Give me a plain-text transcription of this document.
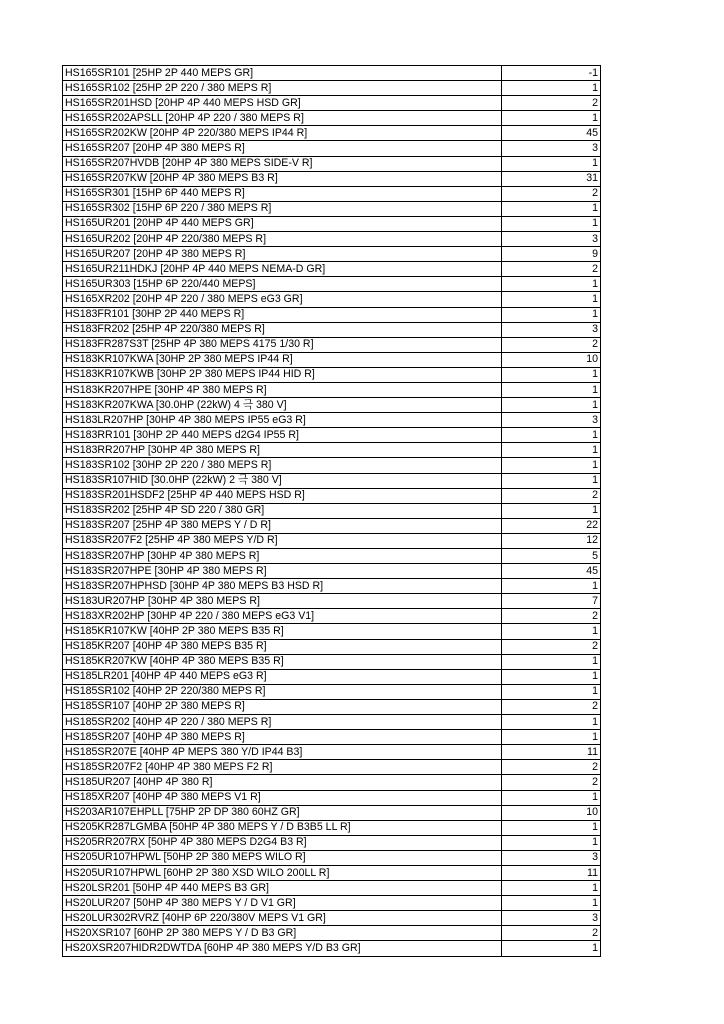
HS165SR101 [25HP 2P 440 MEPS GR]	-1
HS165SR102 [25HP 2P 220 / 380 MEPS R]	1
HS165SR201HSD [20HP 4P 440 MEPS HSD GR]	2
HS165SR202APSLL [20HP 4P 220 / 380 MEPS R]	1
HS165SR202KW [20HP 4P 220/380 MEPS IP44 R]	45
HS165SR207 [20HP 4P 380 MEPS R]	3
HS165SR207HVDB [20HP 4P 380 MEPS SIDE-V R]	1
HS165SR207KW [20HP 4P 380 MEPS B3 R]	31
HS165SR301 [15HP 6P 440 MEPS R]	2
HS165SR302 [15HP 6P 220 / 380 MEPS R]	1
HS165UR201 [20HP 4P 440 MEPS GR]	1
HS165UR202 [20HP 4P 220/380 MEPS R]	3
HS165UR207 [20HP 4P 380 MEPS R]	9
HS165UR211HDKJ [20HP 4P 440 MEPS NEMA-D GR]	2
HS165UR303 [15HP 6P 220/440 MEPS]	1
HS165XR202 [20HP 4P 220 / 380 MEPS eG3 GR]	1
HS183FR101 [30HP 2P 440 MEPS R]	1
HS183FR202 [25HP 4P 220/380 MEPS R]	3
HS183FR287S3T [25HP 4P 380 MEPS 4175 1/30 R]	2
HS183KR107KWA [30HP 2P 380 MEPS IP44 R]	10
HS183KR107KWB [30HP 2P 380 MEPS IP44 HID R]	1
HS183KR207HPE [30HP 4P 380 MEPS R]	1
HS183KR207KWA [30.0HP (22kW) 4 극 380 V]	1
HS183LR207HP [30HP 4P 380 MEPS IP55 eG3 R]	3
HS183RR101 [30HP 2P 440 MEPS d2G4 IP55 R]	1
HS183RR207HP [30HP 4P 380 MEPS R]	1
HS183SR102 [30HP 2P 220 / 380 MEPS R]	1
HS183SR107HID [30.0HP (22kW) 2 극 380 V]	1
HS183SR201HSDF2 [25HP 4P 440 MEPS HSD R]	2
HS183SR202 [25HP 4P SD 220 / 380 GR]	1
HS183SR207 [25HP 4P 380 MEPS Y / D R]	22
HS183SR207F2 [25HP 4P 380 MEPS Y/D R]	12
HS183SR207HP [30HP 4P 380 MEPS R]	5
HS183SR207HPE [30HP 4P 380 MEPS R]	45
HS183SR207HPHSD [30HP 4P 380 MEPS B3 HSD R]	1
HS183UR207HP [30HP 4P 380 MEPS R]	7
HS183XR202HP [30HP 4P 220 / 380 MEPS eG3 V1]	2
HS185KR107KW [40HP 2P 380 MEPS B35 R]	1
HS185KR207 [40HP 4P 380 MEPS B35 R]	2
HS185KR207KW [40HP 4P 380 MEPS B35 R]	1
HS185LR201 [40HP 4P 440 MEPS eG3 R]	1
HS185SR102 [40HP 2P 220/380 MEPS R]	1
HS185SR107 [40HP 2P 380 MEPS R]	2
HS185SR202 [40HP 4P 220 / 380 MEPS R]	1
HS185SR207 [40HP 4P 380 MEPS R]	1
HS185SR207E [40HP 4P MEPS 380 Y/D IP44 B3]	11
HS185SR207F2 [40HP 4P 380 MEPS F2 R]	2
HS185UR207 [40HP 4P 380 R]	2
HS185XR207 [40HP 4P 380 MEPS V1 R]	1
HS203AR107EHPLL [75HP 2P DP 380 60HZ GR]	10
HS205KR287LGMBA [50HP 4P 380 MEPS Y / D B3B5 LL R]	1
HS205RR207RX [50HP 4P 380 MEPS D2G4 B3 R]	1
HS205UR107HPWL [50HP 2P 380 MEPS WILO R]	3
HS205UR107HPWL [60HP 2P 380 XSD WILO 200LL R]	11
HS20LSR201 [50HP 4P 440 MEPS B3 GR]	1
HS20LUR207 [50HP 4P 380 MEPS Y / D V1 GR]	1
HS20LUR302RVRZ [40HP 6P 220/380V MEPS V1 GR]	3
HS20XSR107 [60HP 2P 380 MEPS Y / D B3 GR]	2
HS20XSR207HIDR2DWTDA [60HP 4P 380 MEPS Y/D B3 GR]	1
